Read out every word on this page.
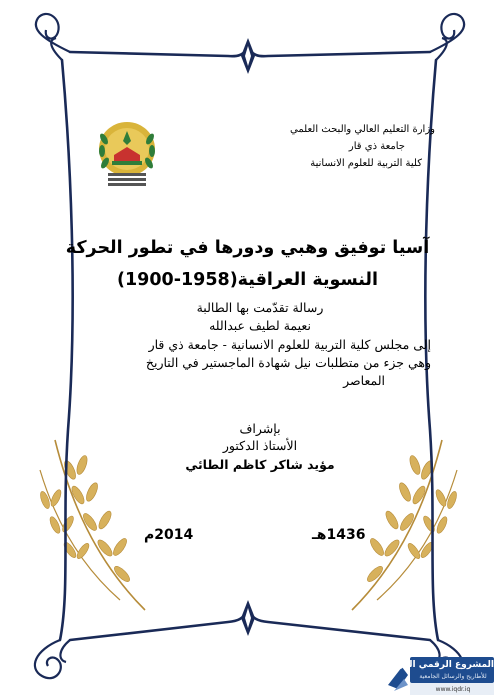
وزارة التعليم العالي والبحث العلمي
جامعة ذي قار
كلية التربية للعلوم الانسانية
آسيا توفيق وهبي ودورها في تطور الحركة
النسوية العراقية(1958-1900)
رسالة تقدّمت بها الطالبة
نعيمة لطيف عبدالله
إلى مجلس كلية التربية للعلوم الانسانية - جامعة ذي قار
وهي جزء من متطلبات نيل شهادة الماجستير في التاريخ
المعاصر
بإشراف
الأستاذ الدكتور
مؤيد شاكر كاظم الطائي
2014م	1436هـ
المشروع الرقمي العراقي
للأطاريح والرسائل الجامعية
www.iqdr.iq
